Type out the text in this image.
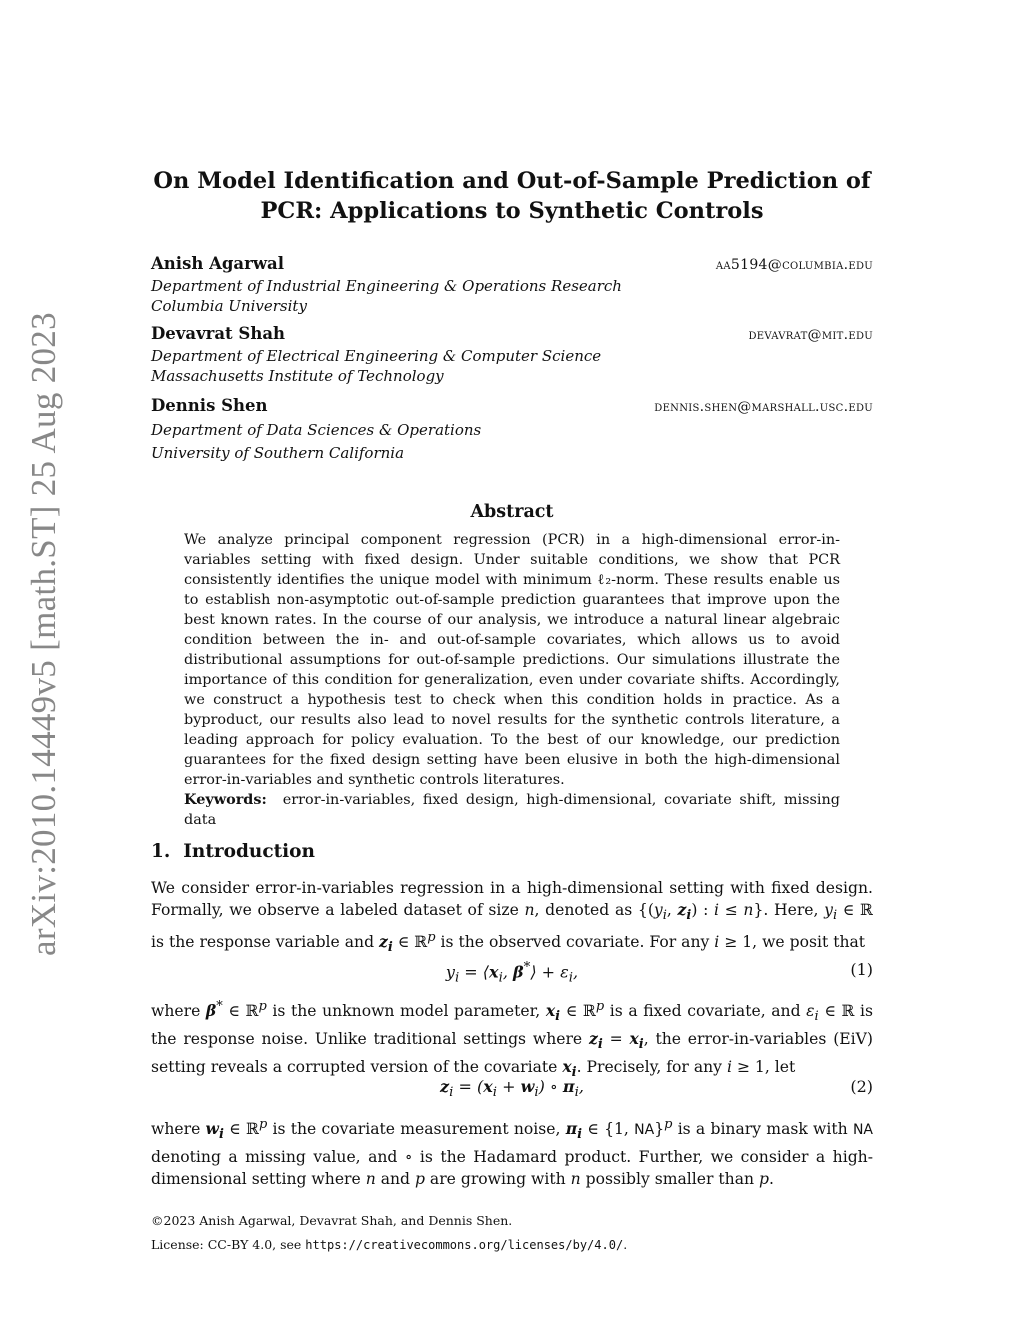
arXiv:2010.14449v5 [math.ST] 25 Aug 2023
On Model Identification and Out-of-Sample Prediction of
PCR: Applications to Synthetic Controls
Anish Agarwal	aa5194@columbia.edu
Department of Industrial Engineering & Operations Research
Columbia University
Devavrat Shah	devavrat@mit.edu
Department of Electrical Engineering & Computer Science
Massachusetts Institute of Technology
Dennis Shen	dennis.shen@marshall.usc.edu
Department of Data Sciences & Operations
University of Southern California
Abstract
We analyze principal component regression (PCR) in a high-dimensional error-in-variables setting with fixed design. Under suitable conditions, we show that PCR consistently identifies the unique model with minimum ℓ₂-norm. These results enable us to establish non-asymptotic out-of-sample prediction guarantees that improve upon the best known rates. In the course of our analysis, we introduce a natural linear algebraic condition between the in- and out-of-sample covariates, which allows us to avoid distributional assumptions for out-of-sample predictions. Our simulations illustrate the importance of this condition for generalization, even under covariate shifts. Accordingly, we construct a hypothesis test to check when this condition holds in practice. As a byproduct, our results also lead to novel results for the synthetic controls literature, a leading approach for policy evaluation. To the best of our knowledge, our prediction guarantees for the fixed design setting have been elusive in both the high-dimensional error-in-variables and synthetic controls literatures.
Keywords: error-in-variables, fixed design, high-dimensional, covariate shift, missing data
1. Introduction
We consider error-in-variables regression in a high-dimensional setting with fixed design. Formally, we observe a labeled dataset of size n, denoted as {($y_i$, $z_i$) : i ≤ n}. Here, $y_i$ ∈ ℝ is the response variable and $z_i$ ∈ ℝ$^p$ is the observed covariate. For any i ≥ 1, we posit that
$y_i$ = $⟨x_i$, β*⟩ + $\varepsilon_i$,	(1)
where β* ∈ ℝ$^p$ is the unknown model parameter, $x_i$ ∈ ℝ$^p$ is a fixed covariate, and $\varepsilon_i$ ∈ ℝ is the response noise. Unlike traditional settings where $z_i = x_i$, the error-in-variables (EiV) setting reveals a corrupted version of the covariate $x_i$. Precisely, for any i ≥ 1, let
$z_i = (x_i + w_i)$ ∘ $\pi_i$,	(2)
where $w_i$ ∈ ℝ$^p$ is the covariate measurement noise, $\pi_i$ ∈ {1, NA}$^p$ is a binary mask with NA denoting a missing value, and ∘ is the Hadamard product. Further, we consider a high-dimensional setting where n and p are growing with n possibly smaller than p.
©2023 Anish Agarwal, Devavrat Shah, and Dennis Shen.
License: CC-BY 4.0, see https://creativecommons.org/licenses/by/4.0/.
